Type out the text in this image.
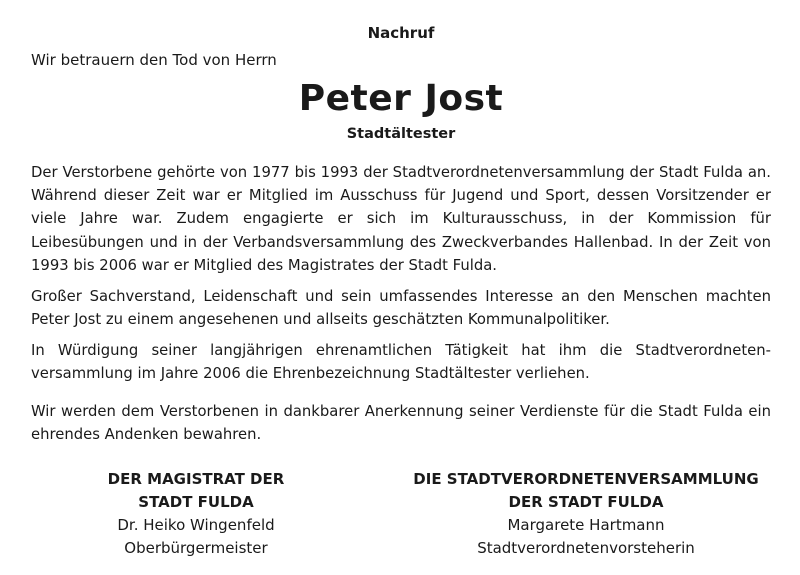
Nachruf
Wir betrauern den Tod von Herrn
Peter Jost
Stadtältester

Der Verstorbene gehörte von 1977 bis 1993 der Stadtverordnetenversammlung der Stadt Fulda an. Während dieser Zeit war er Mitglied im Ausschuss für Jugend und Sport, dessen Vorsitzender er viele Jahre war. Zudem engagierte er sich im Kulturausschuss, in der Kommission für Leibesübungen und in der Verbandsversammlung des Zweckverbandes Hallenbad. In der Zeit von 1993 bis 2006 war er Mitglied des Magistrates der Stadt Fulda.

Großer Sachverstand, Leidenschaft und sein umfassendes Interesse an den Menschen machten Peter Jost zu einem angesehenen und allseits geschätzten Kommunalpolitiker.

In Würdigung seiner langjährigen ehrenamtlichen Tätigkeit hat ihm die Stadtverordneten-versammlung im Jahre 2006 die Ehrenbezeichnung Stadtältester verliehen.

Wir werden dem Verstorbenen in dankbarer Anerkennung seiner Verdienste für die Stadt Fulda ein ehrendes Andenken bewahren.

DER MAGISTRAT DER
STADT FULDA
Dr. Heiko Wingenfeld
Oberbürgermeister
DIE STADTVERORDNETENVERSAMMLUNG
DER STADT FULDA
Margarete Hartmann
Stadtverordnetenvorsteherin
